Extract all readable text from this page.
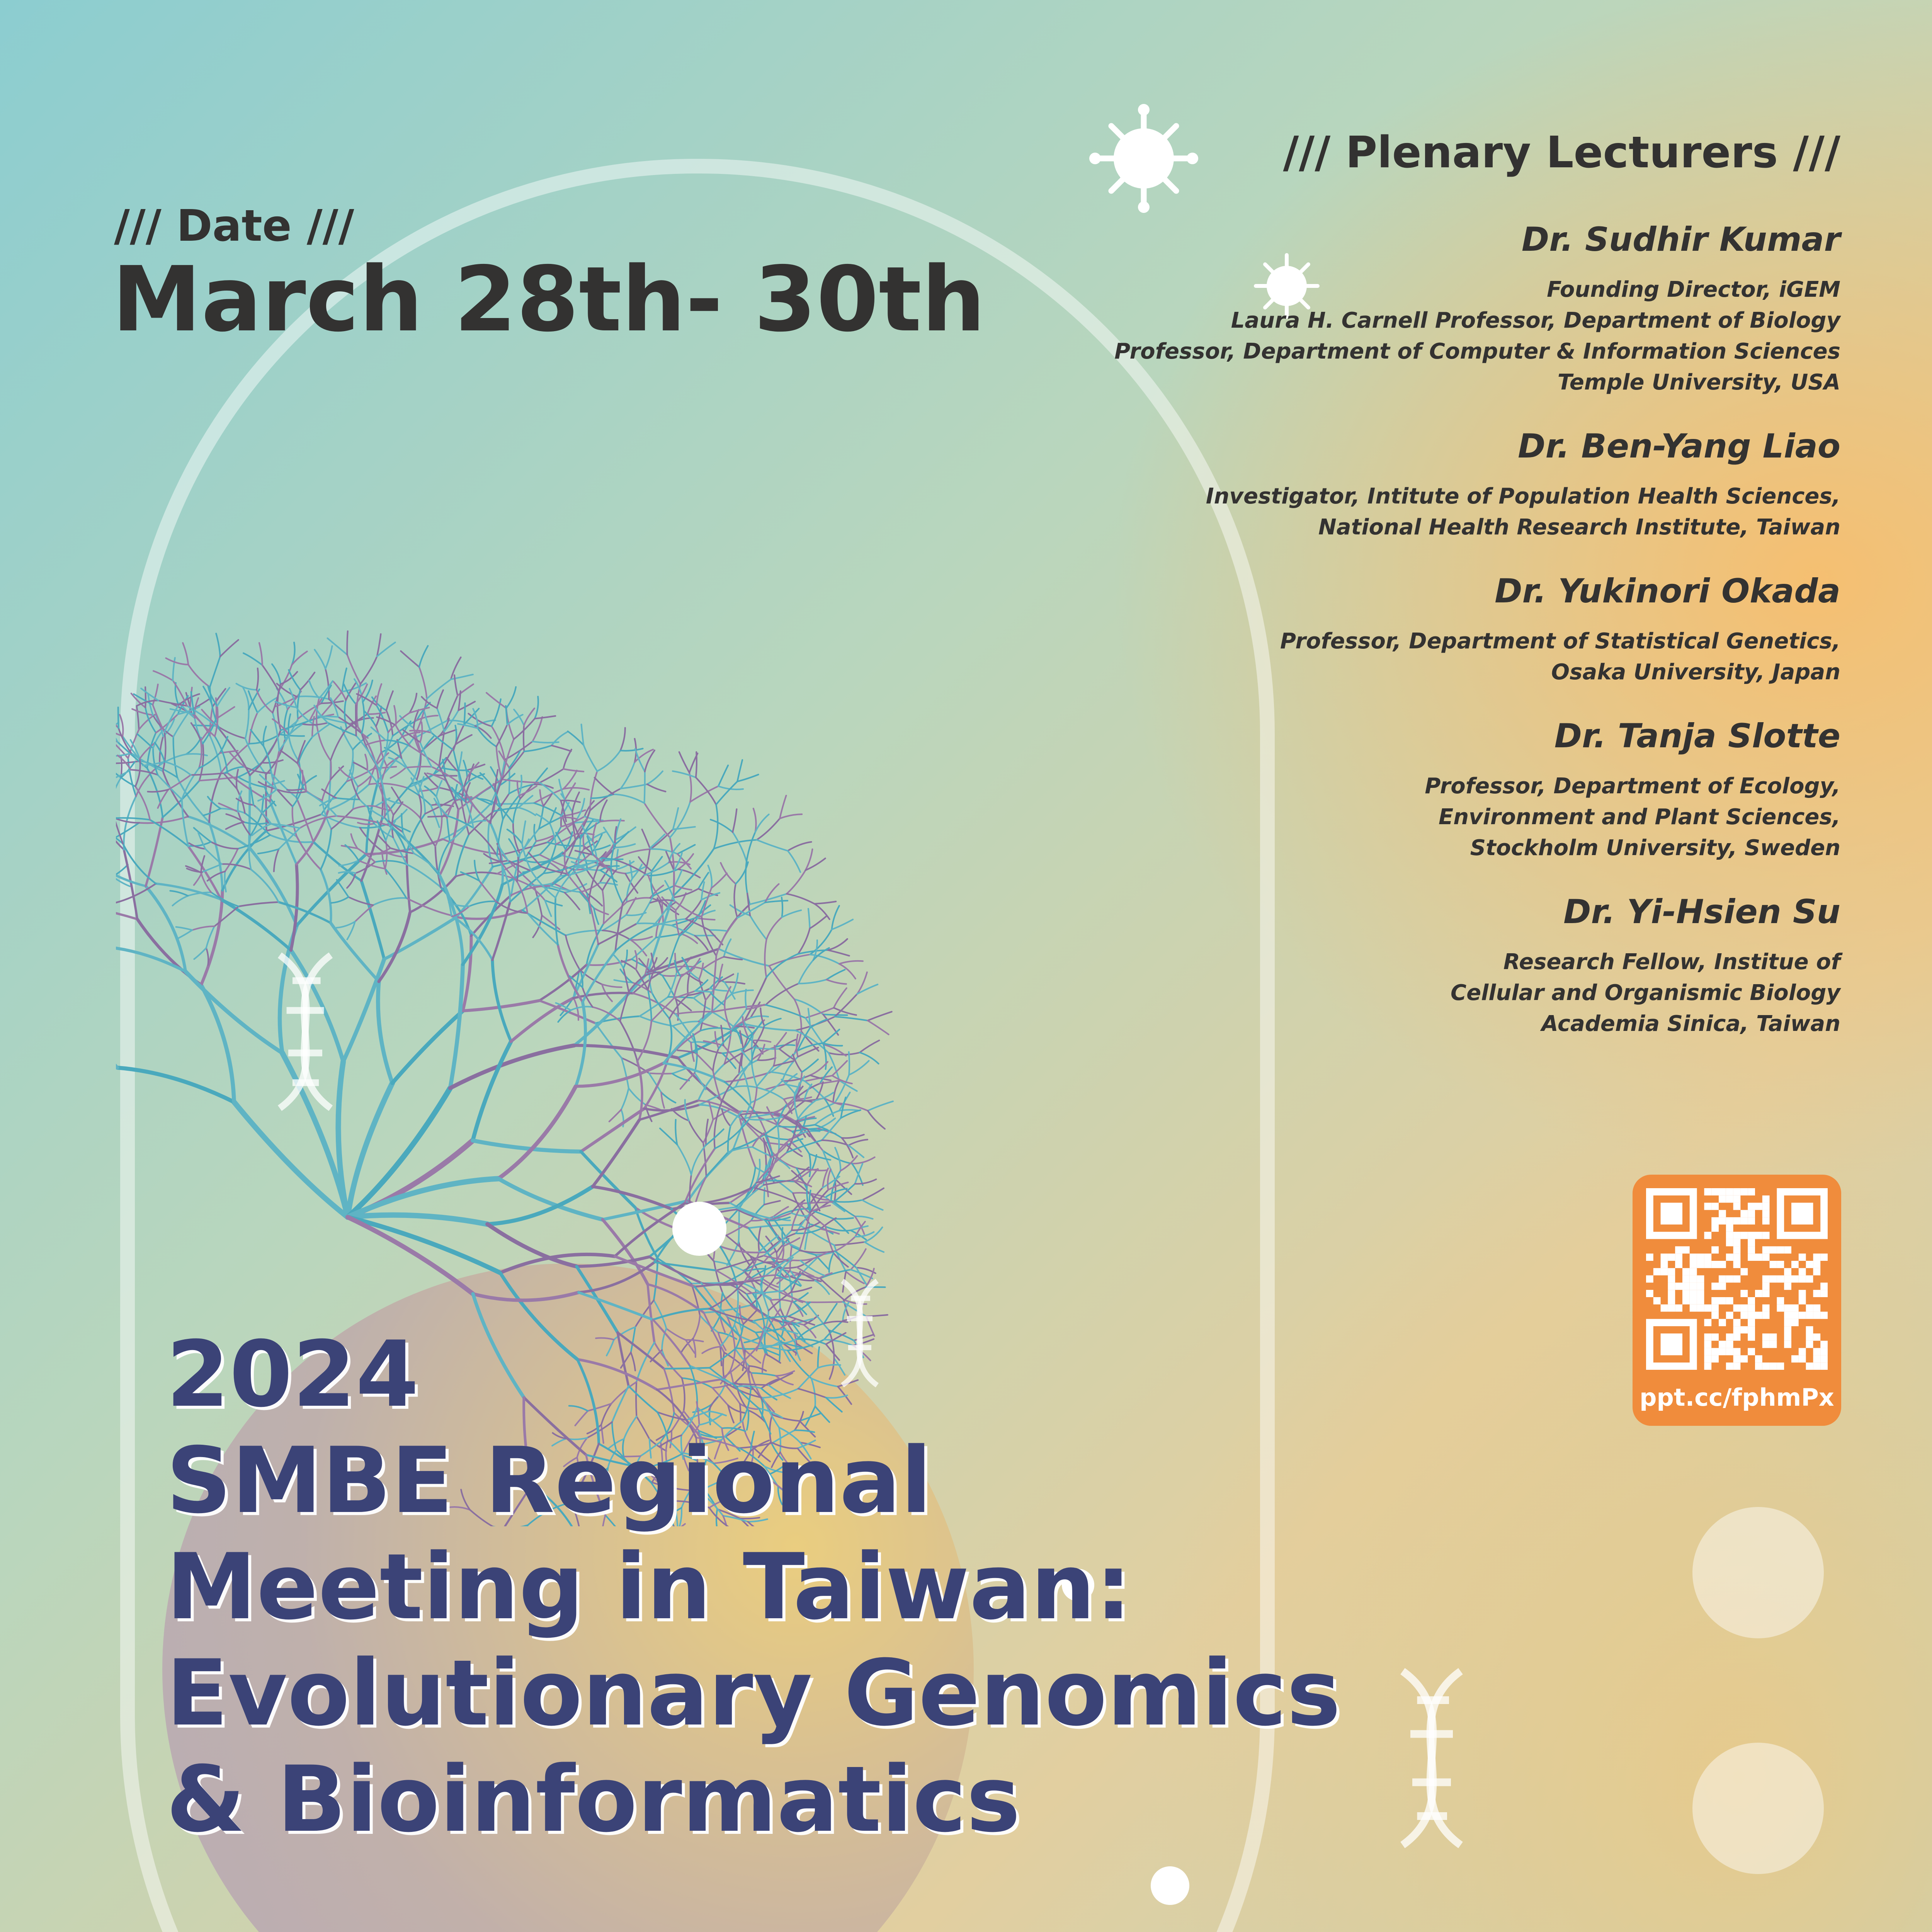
/// Date ///
March 28th- 30th
/// Plenary Lecturers ///
Dr. Sudhir Kumar
Founding Director, iGEM
Laura H. Carnell Professor, Department of Biology
Professor, Department of Computer & Information Sciences
Temple University, USA
Dr. Ben-Yang Liao
Investigator, Intitute of Population Health Sciences,
National Health Research Institute, Taiwan
Dr. Yukinori Okada
Professor, Department of Statistical Genetics,
Osaka University, Japan
Dr. Tanja Slotte
Professor, Department of Ecology,
Environment and Plant Sciences,
Stockholm University, Sweden
Dr. Yi-Hsien Su
Research Fellow, Institue of
Cellular and Organismic Biology
Academia Sinica, Taiwan
ppt.cc/fphmPx
2024
SMBE Regional
Meeting in Taiwan:
Evolutionary Genomics
& Bioinformatics
